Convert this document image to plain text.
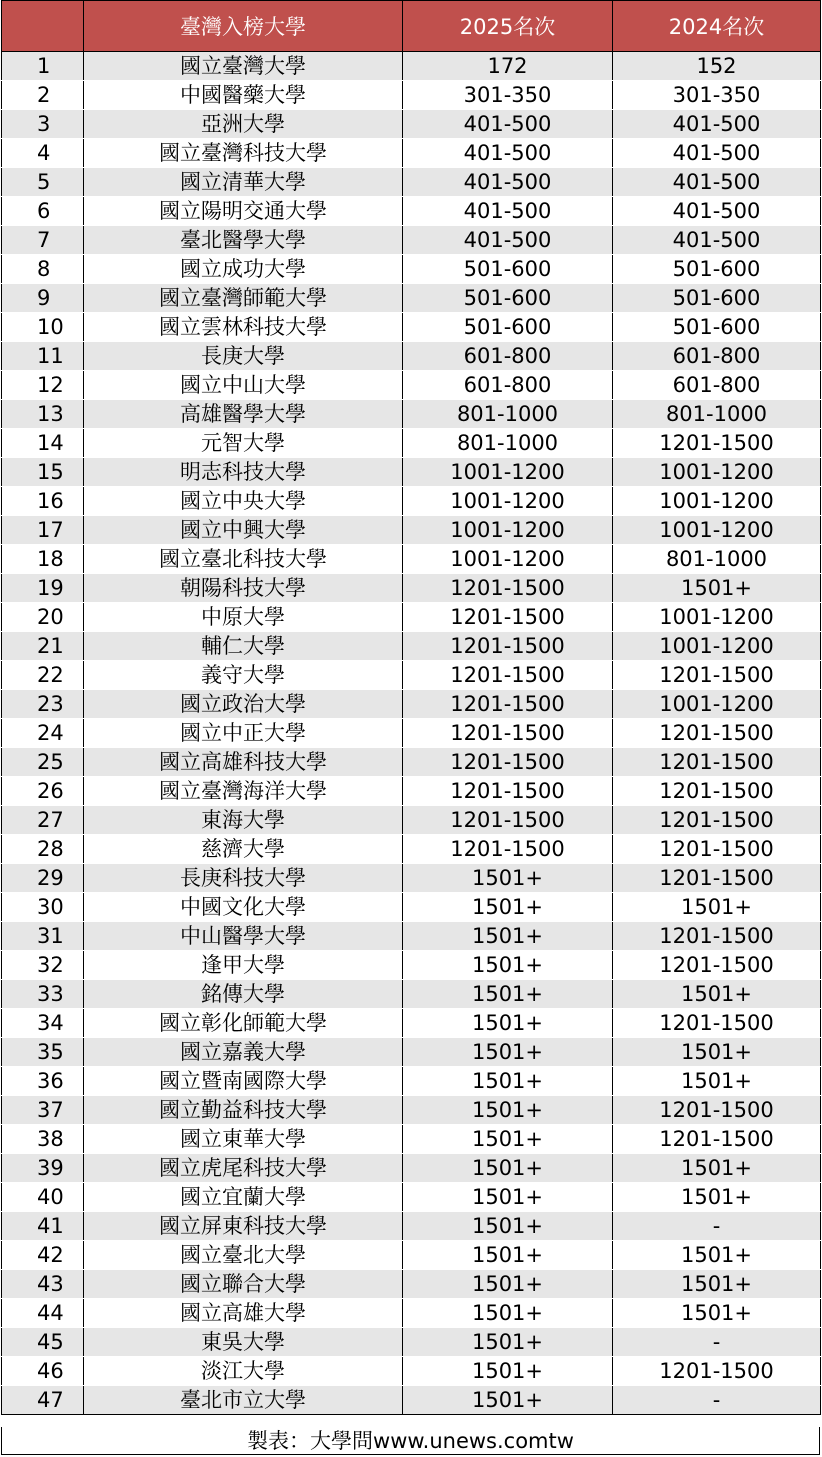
	臺灣入榜大學	2025名次	2024名次
1	國立臺灣大學	172	152
2	中國醫藥大學	301-350	301-350
3	亞洲大學	401-500	401-500
4	國立臺灣科技大學	401-500	401-500
5	國立清華大學	401-500	401-500
6	國立陽明交通大學	401-500	401-500
7	臺北醫學大學	401-500	401-500
8	國立成功大學	501-600	501-600
9	國立臺灣師範大學	501-600	501-600
10	國立雲林科技大學	501-600	501-600
11	長庚大學	601-800	601-800
12	國立中山大學	601-800	601-800
13	高雄醫學大學	801-1000	801-1000
14	元智大學	801-1000	1201-1500
15	明志科技大學	1001-1200	1001-1200
16	國立中央大學	1001-1200	1001-1200
17	國立中興大學	1001-1200	1001-1200
18	國立臺北科技大學	1001-1200	801-1000
19	朝陽科技大學	1201-1500	1501+
20	中原大學	1201-1500	1001-1200
21	輔仁大學	1201-1500	1001-1200
22	義守大學	1201-1500	1201-1500
23	國立政治大學	1201-1500	1001-1200
24	國立中正大學	1201-1500	1201-1500
25	國立高雄科技大學	1201-1500	1201-1500
26	國立臺灣海洋大學	1201-1500	1201-1500
27	東海大學	1201-1500	1201-1500
28	慈濟大學	1201-1500	1201-1500
29	長庚科技大學	1501+	1201-1500
30	中國文化大學	1501+	1501+
31	中山醫學大學	1501+	1201-1500
32	逢甲大學	1501+	1201-1500
33	銘傳大學	1501+	1501+
34	國立彰化師範大學	1501+	1201-1500
35	國立嘉義大學	1501+	1501+
36	國立暨南國際大學	1501+	1501+
37	國立勤益科技大學	1501+	1201-1500
38	國立東華大學	1501+	1201-1500
39	國立虎尾科技大學	1501+	1501+
40	國立宜蘭大學	1501+	1501+
41	國立屏東科技大學	1501+	-
42	國立臺北大學	1501+	1501+
43	國立聯合大學	1501+	1501+
44	國立高雄大學	1501+	1501+
45	東吳大學	1501+	-
46	淡江大學	1501+	1201-1500
47	臺北市立大學	1501+	-
製表：大學問www.unews.comtw
